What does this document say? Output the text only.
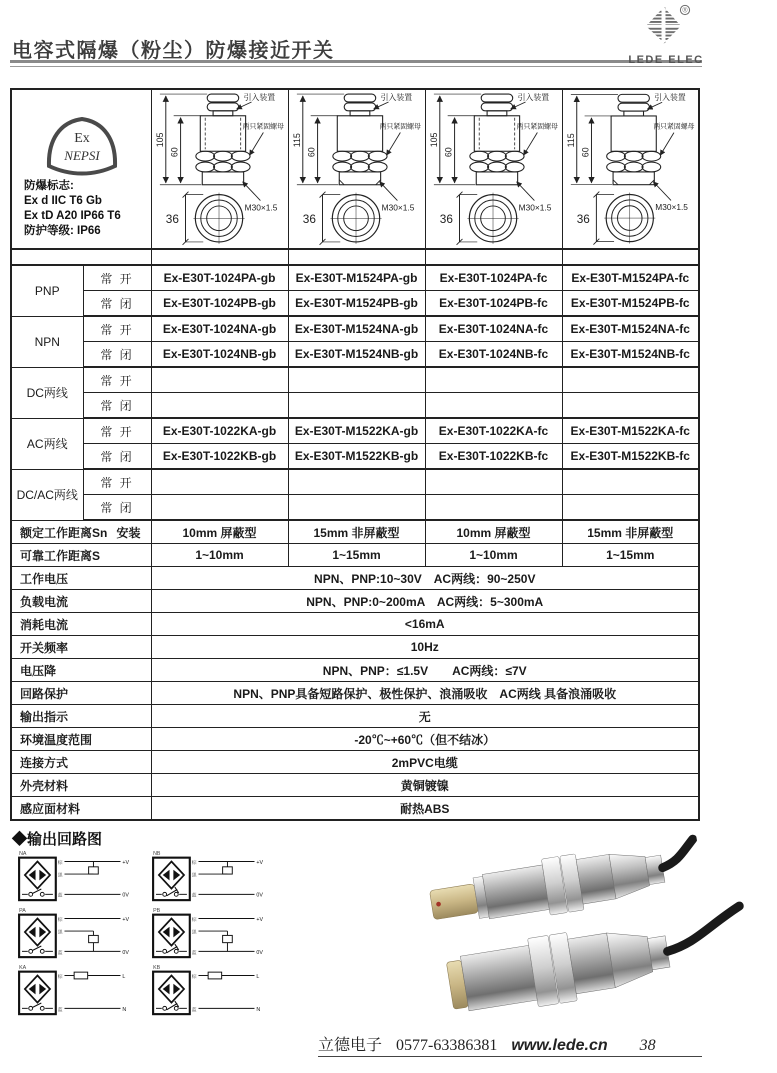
电容式隔爆（粉尘）防爆接近开关
®
LEDE ELEC
Ex
NEPSI
防爆标志:
Ex d IIC T6 Gb
Ex tD A20 IP66 T6
防护等级: IP66

105
60
引入装置
两只紧固螺母
M30×1.5
36

115
60
引入装置
两只紧固螺母
M30×1.5
36

105
60
引入装置
两只紧固螺母
M30×1.5
36

115
60
引入装置
两只紧固螺母
M30×1.5
36

PNP	常 开	Ex-E30T-1024PA-gb	Ex-E30T-M1524PA-gb	Ex-E30T-1024PA-fc	Ex-E30T-M1524PA-fc
	常 闭	Ex-E30T-1024PB-gb	Ex-E30T-M1524PB-gb	Ex-E30T-1024PB-fc	Ex-E30T-M1524PB-fc
NPN	常 开	Ex-E30T-1024NA-gb	Ex-E30T-M1524NA-gb	Ex-E30T-1024NA-fc	Ex-E30T-M1524NA-fc
	常 闭	Ex-E30T-1024NB-gb	Ex-E30T-M1524NB-gb	Ex-E30T-1024NB-fc	Ex-E30T-M1524NB-fc
DC两线	常 开				
	常 闭				
AC两线	常 开	Ex-E30T-1022KA-gb	Ex-E30T-M1522KA-gb	Ex-E30T-1022KA-fc	Ex-E30T-M1522KA-fc
	常 闭	Ex-E30T-1022KB-gb	Ex-E30T-M1522KB-gb	Ex-E30T-1022KB-fc	Ex-E30T-M1522KB-fc
DC/AC两线	常 开				
	常 闭				

额定工作距离Sn 安装		10mm 屏蔽型	15mm 非屏蔽型	10mm 屏蔽型	15mm 非屏蔽型

可靠工作距离S		1~10mm	1~15mm	1~10mm	1~15mm

工作电压		NPN、PNP:10~30V　AC两线：90~250V			

负载电流		NPN、PNP:0~200mA　AC两线：5~300mA			

消耗电流		<16mA			

开关频率		10Hz			

电压降		NPN、PNP：≤1.5V　　AC两线：≤7V			

回路保护		NPN、PNP具备短路保护、极性保护、浪涌吸收　AC两线 具备浪涌吸收			

输出指示		无			

环境温度范围		-20℃~+60℃（但不结冰）			

连接方式		2mPVC电缆			

外壳材料		黄铜镀镍			

感应面材料		耐热ABS			
◆输出回路图
NA
棕
黑
蓝
+V
0V
NB
棕
黑
蓝
+V
0V
PA
棕
黑
蓝
+V
0V
PB
棕
黑
蓝
+V
0V
KA
棕
蓝
L
N
KB
棕
蓝
L
N
立德电子 0577-63386381 www.lede.cn 38
